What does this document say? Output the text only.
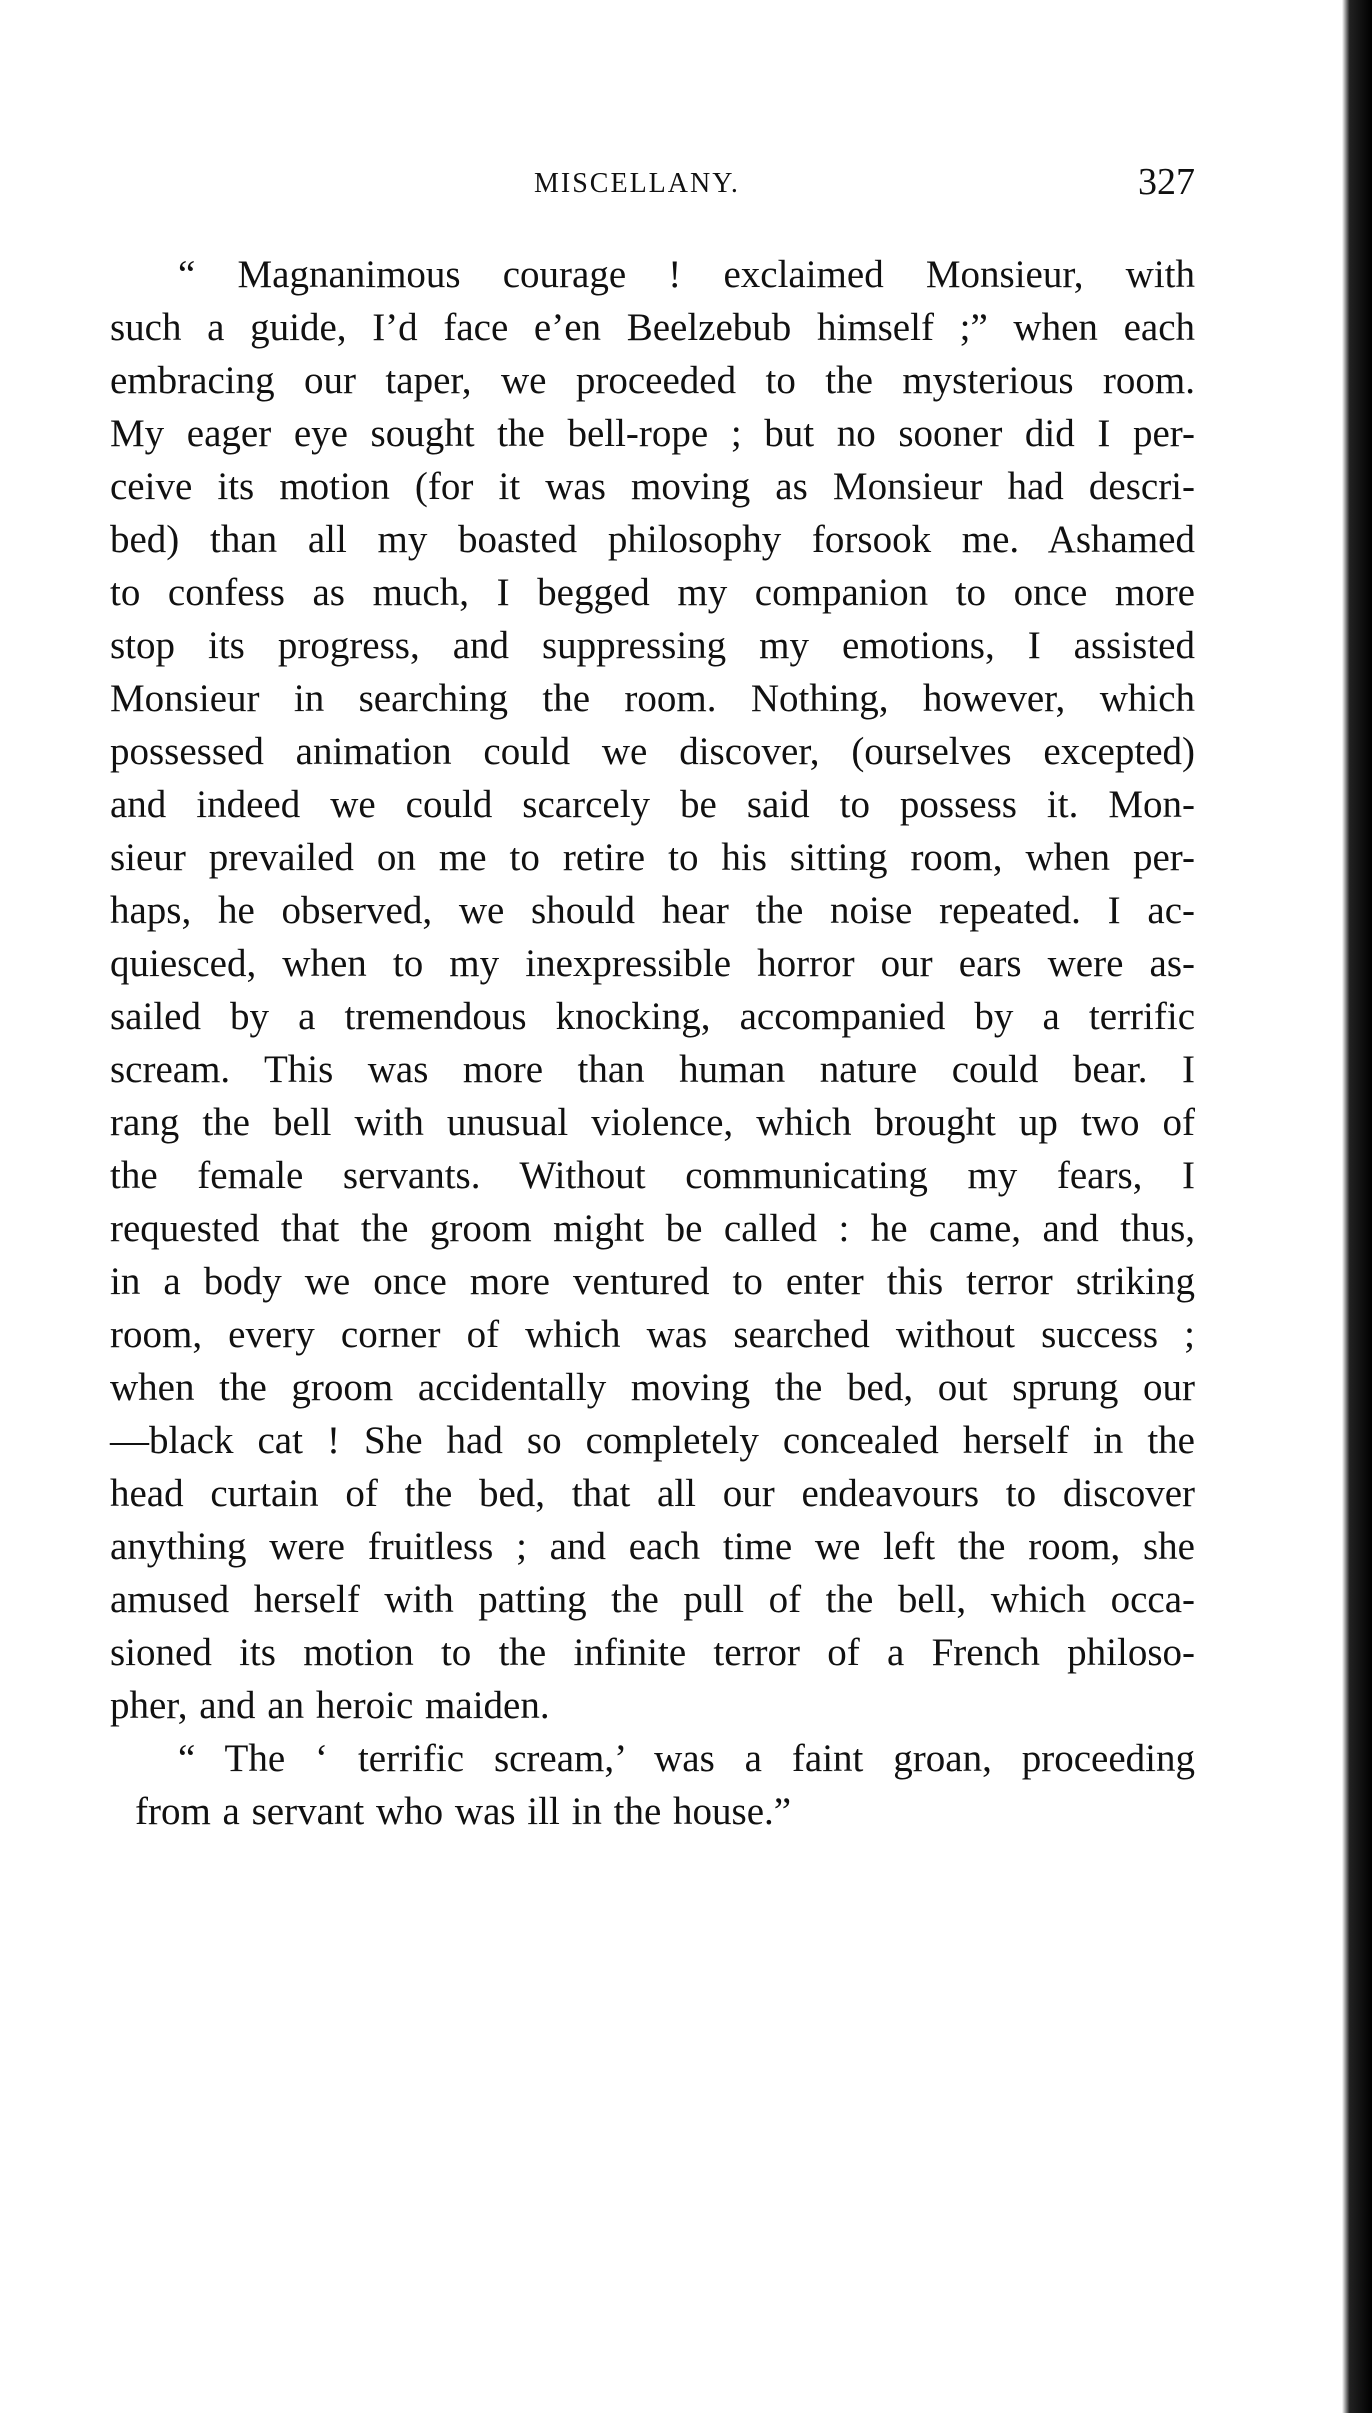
MISCELLANY.	327
“ Magnanimous courage ! exclaimed Monsieur, with
such a guide, I’d face e’en Beelzebub himself ;” when each
embracing our taper, we proceeded to the mysterious room.
My eager eye sought the bell-rope ; but no sooner did I per-
ceive its motion (for it was moving as Monsieur had descri-
bed) than all my boasted philosophy forsook me. Ashamed
to confess as much, I begged my companion to once more
stop its progress, and suppressing my emotions, I assisted
Monsieur in searching the room. Nothing, however, which
possessed animation could we discover, (ourselves excepted)
and indeed we could scarcely be said to possess it. Mon-
sieur prevailed on me to retire to his sitting room, when per-
haps, he observed, we should hear the noise repeated. I ac-
quiesced, when to my inexpressible horror our ears were as-
sailed by a tremendous knocking, accompanied by a terrific
scream. This was more than human nature could bear. I
rang the bell with unusual violence, which brought up two of
the female servants. Without communicating my fears, I
requested that the groom might be called : he came, and thus,
in a body we once more ventured to enter this terror striking
room, every corner of which was searched without success ;
when the groom accidentally moving the bed, out sprung our
—black cat ! She had so completely concealed herself in the
head curtain of the bed, that all our endeavours to discover
anything were fruitless ; and each time we left the room, she
amused herself with patting the pull of the bell, which occa-
sioned its motion to the infinite terror of a French philoso-
pher, and an heroic maiden.
“ The ‘ terrific scream,’ was a faint groan, proceeding
from a servant who was ill in the house.”
